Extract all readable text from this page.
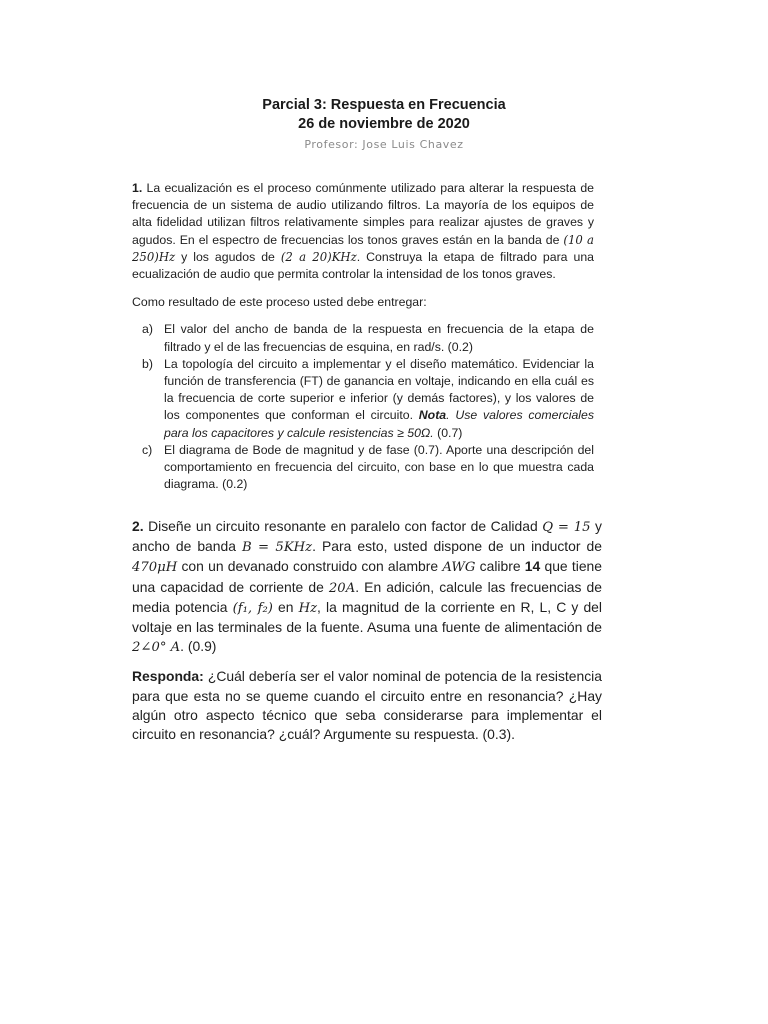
Parcial 3: Respuesta en Frecuencia
26 de noviembre de 2020
Profesor: Jose Luis Chavez

1. La ecualización es el proceso comúnmente utilizado para alterar la respuesta de frecuencia de un sistema de audio utilizando filtros. La mayoría de los equipos de alta fidelidad utilizan filtros relativamente simples para realizar ajustes de graves y agudos. En el espectro de frecuencias los tonos graves están en la banda de (10 a 250)Hz y los agudos de (2 a 20)KHz. Construya la etapa de filtrado para una ecualización de audio que permita controlar la intensidad de los tonos graves.

Como resultado de este proceso usted debe entregar:

a) El valor del ancho de banda de la respuesta en frecuencia de la etapa de filtrado y el de las frecuencias de esquina, en rad/s. (0.2)
b) La topología del circuito a implementar y el diseño matemático. Evidenciar la función de transferencia (FT) de ganancia en voltaje, indicando en ella cuál es la frecuencia de corte superior e inferior (y demás factores), y los valores de los componentes que conforman el circuito. Nota. Use valores comerciales para los capacitores y calcule resistencias ≥ 50Ω. (0.7)
c) El diagrama de Bode de magnitud y de fase (0.7). Aporte una descripción del comportamiento en frecuencia del circuito, con base en lo que muestra cada diagrama. (0.2)

2. Diseñe un circuito resonante en paralelo con factor de Calidad Q = 15 y ancho de banda B = 5KHz. Para esto, usted dispone de un inductor de 470μH con un devanado construido con alambre AWG calibre 14 que tiene una capacidad de corriente de 20A. En adición, calcule las frecuencias de media potencia (f₁, f₂) en Hz, la magnitud de la corriente en R, L, C y del voltaje en las terminales de la fuente. Asuma una fuente de alimentación de 2∠0° A. (0.9)

Responda: ¿Cuál debería ser el valor nominal de potencia de la resistencia para que esta no se queme cuando el circuito entre en resonancia? ¿Hay algún otro aspecto técnico que seba considerarse para implementar el circuito en resonancia? ¿cuál? Argumente su respuesta. (0.3).
